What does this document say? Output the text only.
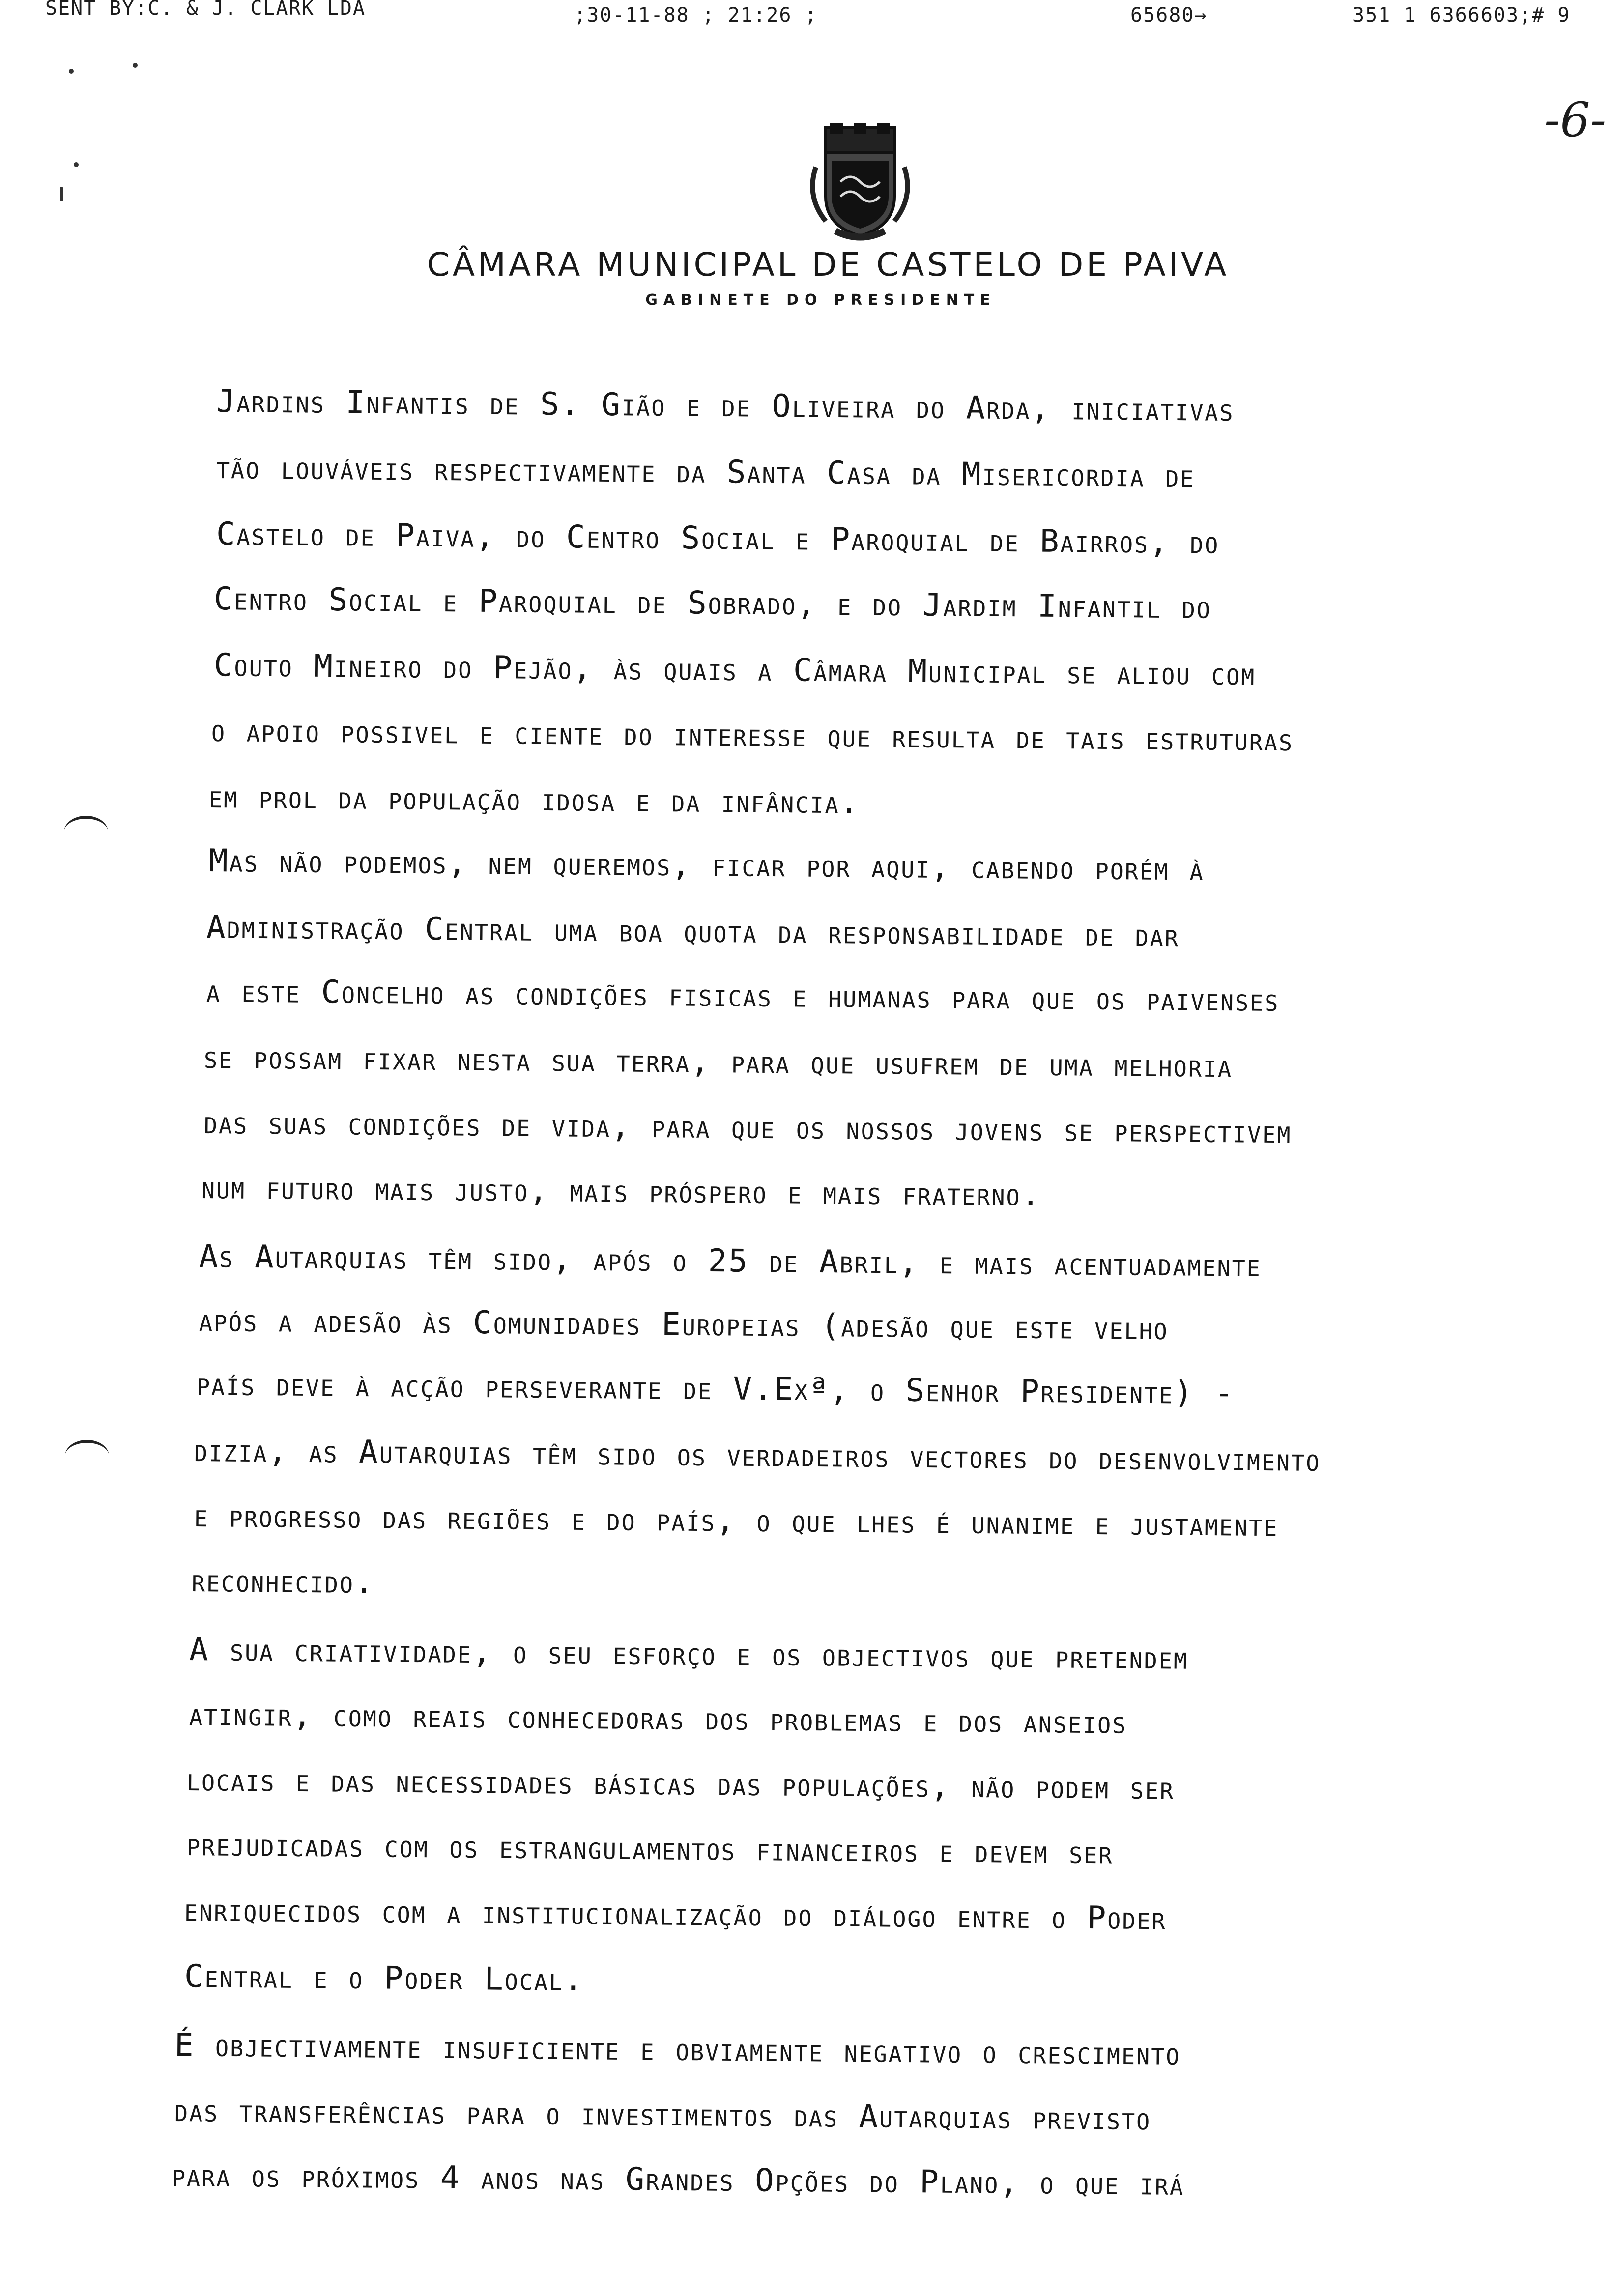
SENT BY:C. & J. CLARK LDA	;30-11-88 ; 21:26 ;	65680→	351 1 6366603;# 9
-6-
CÂMARA MUNICIPAL DE CASTELO DE PAIVA
GABINETE DO PRESIDENTE
Jardins Infantis de S. Gião e de Oliveira do Arda, iniciativas
tão louváveis respectivamente da Santa Casa da Misericordia de
Castelo de Paiva, do Centro Social e Paroquial de Bairros, do
Centro Social e Paroquial de Sobrado, e do Jardim Infantil do
Couto Mineiro do Pejão, às quais a Câmara Municipal se aliou com
o apoio possivel e ciente do interesse que resulta de tais estruturas
em prol da população idosa e da infância.
Mas não podemos, nem queremos, ficar por aqui, cabendo porém à
Administração Central uma boa quota da responsabilidade de dar
a este Concelho as condições fisicas e humanas para que os paivenses
se possam fixar nesta sua terra, para que usufrem de uma melhoria
das suas condições de vida, para que os nossos jovens se perspectivem
num futuro mais justo, mais próspero e mais fraterno.
As Autarquias têm sido, após o 25 de Abril, e mais acentuadamente
após a adesão às Comunidades Europeias (adesão que este velho
país deve à acção perseverante de V.Exª, o Senhor Presidente) -
dizia, as Autarquias têm sido os verdadeiros vectores do desenvolvimento
e progresso das regiões e do país, o que lhes é unanime e justamente
reconhecido.
A sua criatividade, o seu esforço e os objectivos que pretendem
atingir, como reais conhecedoras dos problemas e dos anseios
locais e das necessidades básicas das populações, não podem ser
prejudicadas com os estrangulamentos financeiros e devem ser
enriquecidos com a institucionalização do diálogo entre o Poder
Central e o Poder Local.
É objectivamente insuficiente e obviamente negativo o crescimento
das transferências para o investimentos das Autarquias previsto
para os próximos 4 anos nas Grandes Opções do Plano, o que irá
